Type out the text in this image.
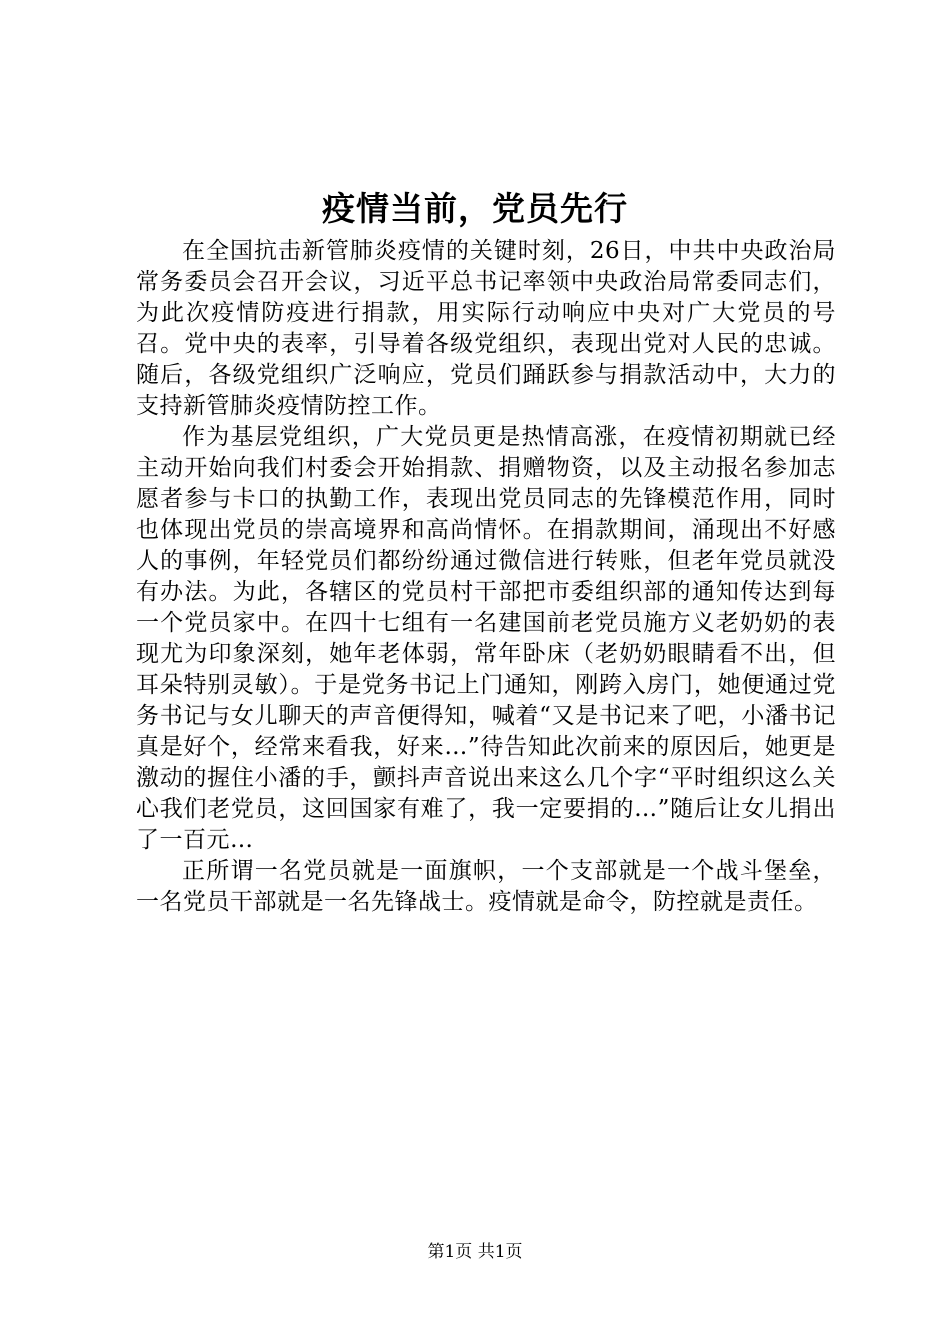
疫情当前，党员先行

在全国抗击新管肺炎疫情的关键时刻，26日，中共中央政治局常务委员会召开会议，习近平总书记率领中央政治局常委同志们，为此次疫情防疫进行捐款，用实际行动响应中央对广大党员的号召。党中央的表率，引导着各级党组织，表现出党对人民的忠诚。随后，各级党组织广泛响应，党员们踊跃参与捐款活动中，大力的支持新管肺炎疫情防控工作。

作为基层党组织，广大党员更是热情高涨，在疫情初期就已经主动开始向我们村委会开始捐款、捐赠物资，以及主动报名参加志愿者参与卡口的执勤工作，表现出党员同志的先锋模范作用，同时也体现出党员的崇高境界和高尚情怀。在捐款期间，涌现出不好感人的事例，年轻党员们都纷纷通过微信进行转账，但老年党员就没有办法。为此，各辖区的党员村干部把市委组织部的通知传达到每一个党员家中。在四十七组有一名建国前老党员施方义老奶奶的表现尤为印象深刻，她年老体弱，常年卧床（老奶奶眼睛看不出，但耳朵特别灵敏）。于是党务书记上门通知，刚跨入房门，她便通过党务书记与女儿聊天的声音便得知，喊着“又是书记来了吧，小潘书记真是好个，经常来看我，好来…”待告知此次前来的原因后，她更是激动的握住小潘的手，颤抖声音说出来这么几个字“平时组织这么关心我们老党员，这回国家有难了，我一定要捐的…”随后让女儿捐出了一百元…

正所谓一名党员就是一面旗帜，一个支部就是一个战斗堡垒，一名党员干部就是一名先锋战士。疫情就是命令，防控就是责任。

第1页 共1页
